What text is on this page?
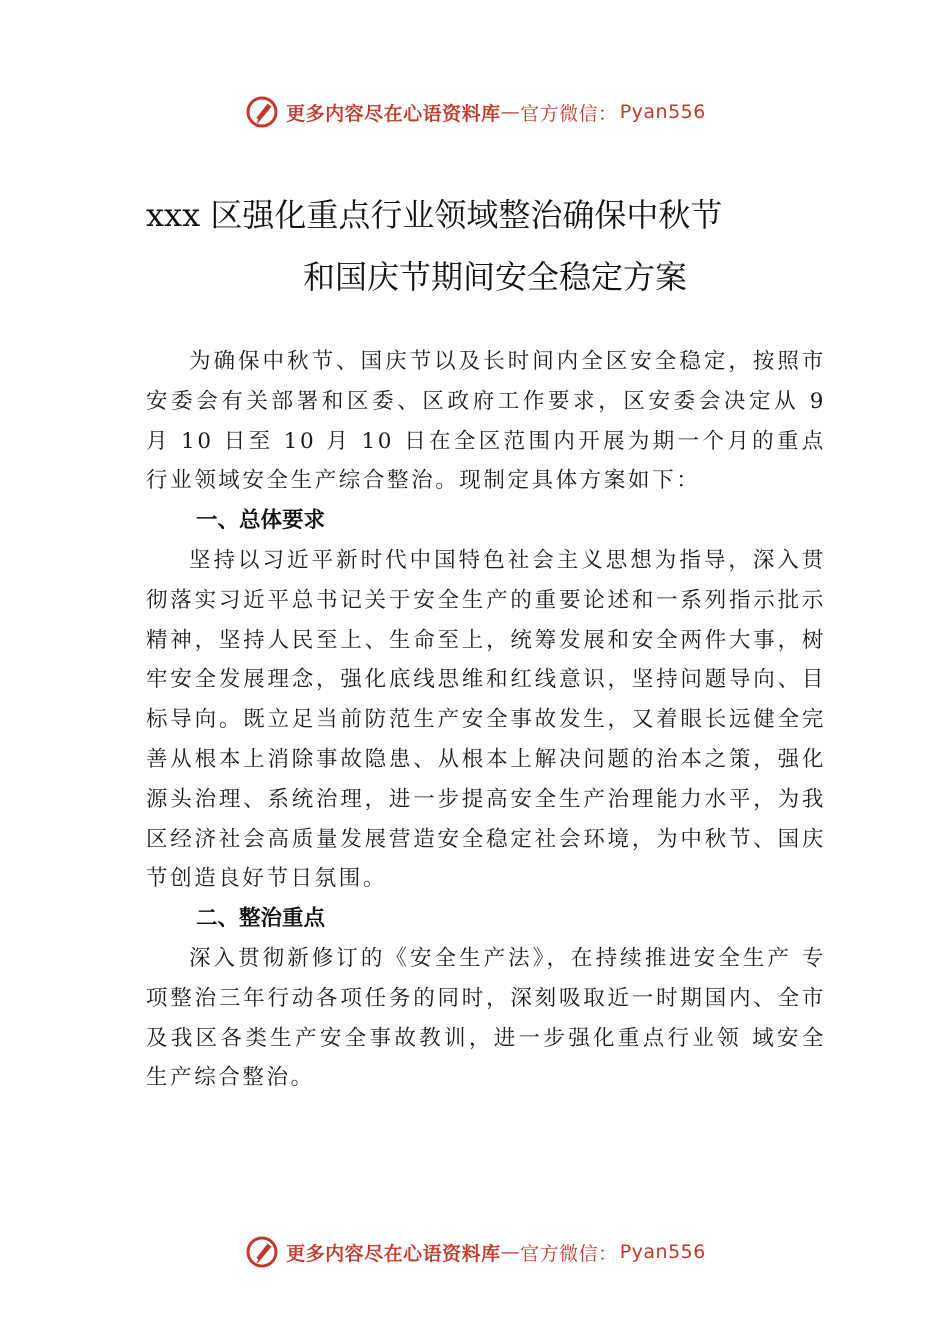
更多内容尽在心语资料库 — 官方微信： Pyan556
xxx 区强化重点行业领域整治确保中秋节
和国庆节期间安全稳定方案

为确保中秋节、国庆节以及长时间内全区安全稳定，按照市安委会有关部署和区委、区政府工作要求，区安委会决定从 9 月 10 日至 10 月 10 日在全区范围内开展为期一个月的重点行业领域安全生产综合整治。现制定具体方案如下：

一、总体要求

坚持以习近平新时代中国特色社会主义思想为指导，深入贯彻落实习近平总书记关于安全生产的重要论述和一系列指示批示精神，坚持人民至上、生命至上，统筹发展和安全两件大事，树牢安全发展理念，强化底线思维和红线意识，坚持问题导向、目标导向。既立足当前防范生产安全事故发生，又着眼长远健全完善从根本上消除事故隐患、从根本上解决问题的治本之策，强化源头治理、系统治理，进一步提高安全生产治理能力水平，为我区经济社会高质量发展营造安全稳定社会环境，为中秋节、国庆节创造良好节日氛围。

二、整治重点

深入贯彻新修订的《安全生产法》，在持续推进安全生产 专项整治三年行动各项任务的同时，深刻吸取近一时期国内、全市及我区各类生产安全事故教训，进一步强化重点行业领 域安全生产综合整治。

更多内容尽在心语资料库 — 官方微信： Pyan556
